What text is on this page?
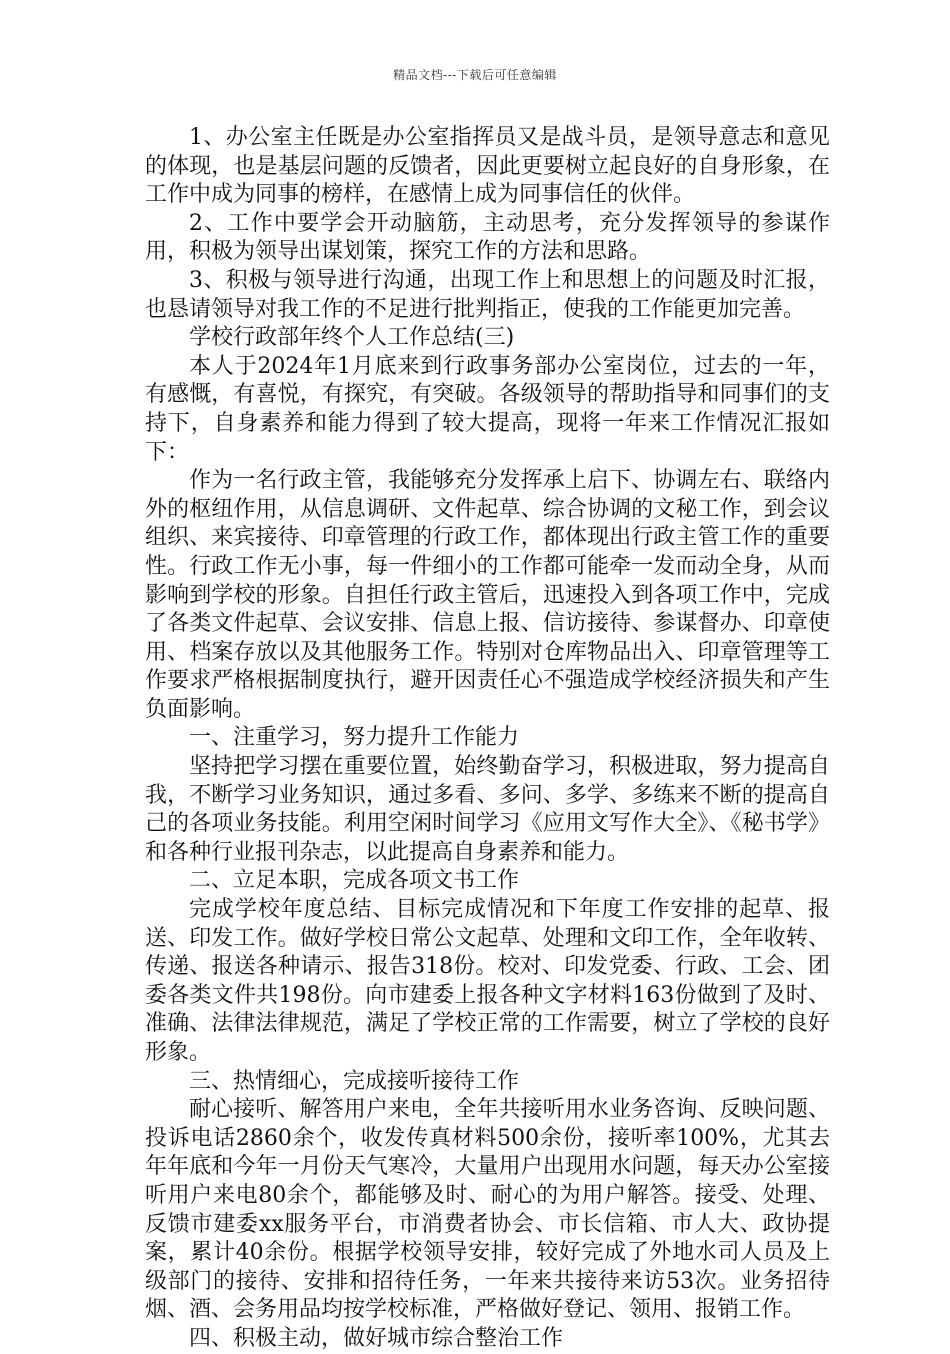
精品文档---下载后可任意编辑

1、办公室主任既是办公室指挥员又是战斗员，是领导意志和意见的体现，也是基层问题的反馈者，因此更要树立起良好的自身形象，在工作中成为同事的榜样，在感情上成为同事信任的伙伴。

2、工作中要学会开动脑筋，主动思考，充分发挥领导的参谋作用，积极为领导出谋划策，探究工作的方法和思路。

3、积极与领导进行沟通，出现工作上和思想上的问题及时汇报，也恳请领导对我工作的不足进行批判指正，使我的工作能更加完善。

学校行政部年终个人工作总结(三)

本人于2024年1月底来到行政事务部办公室岗位，过去的一年，有感慨，有喜悦，有探究，有突破。各级领导的帮助指导和同事们的支持下，自身素养和能力得到了较大提高，现将一年来工作情况汇报如下：

作为一名行政主管，我能够充分发挥承上启下、协调左右、联络内外的枢纽作用，从信息调研、文件起草、综合协调的文秘工作，到会议组织、来宾接待、印章管理的行政工作，都体现出行政主管工作的重要性。行政工作无小事，每一件细小的工作都可能牵一发而动全身，从而影响到学校的形象。自担任行政主管后，迅速投入到各项工作中，完成了各类文件起草、会议安排、信息上报、信访接待、参谋督办、印章使用、档案存放以及其他服务工作。特别对仓库物品出入、印章管理等工作要求严格根据制度执行，避开因责任心不强造成学校经济损失和产生负面影响。

一、注重学习，努力提升工作能力

坚持把学习摆在重要位置，始终勤奋学习，积极进取，努力提高自我，不断学习业务知识，通过多看、多问、多学、多练来不断的提高自己的各项业务技能。利用空闲时间学习《应用文写作大全》、《秘书学》和各种行业报刊杂志，以此提高自身素养和能力。

二、立足本职，完成各项文书工作

完成学校年度总结、目标完成情况和下年度工作安排的起草、报送、印发工作。做好学校日常公文起草、处理和文印工作，全年收转、传递、报送各种请示、报告318份。校对、印发党委、行政、工会、团委各类文件共198份。向市建委上报各种文字材料163份做到了及时、准确、法律法律规范，满足了学校正常的工作需要，树立了学校的良好形象。

三、热情细心，完成接听接待工作

耐心接听、解答用户来电，全年共接听用水业务咨询、反映问题、投诉电话2860余个，收发传真材料500余份，接听率100%，尤其去年年底和今年一月份天气寒冷，大量用户出现用水问题，每天办公室接听用户来电80余个，都能够及时、耐心的为用户解答。接受、处理、反馈市建委xx服务平台，市消费者协会、市长信箱、市人大、政协提案，累计40余份。根据学校领导安排，较好完成了外地水司人员及上级部门的接待、安排和招待任务，一年来共接待来访53次。业务招待烟、酒、会务用品均按学校标准，严格做好登记、领用、报销工作。

四、积极主动，做好城市综合整治工作
